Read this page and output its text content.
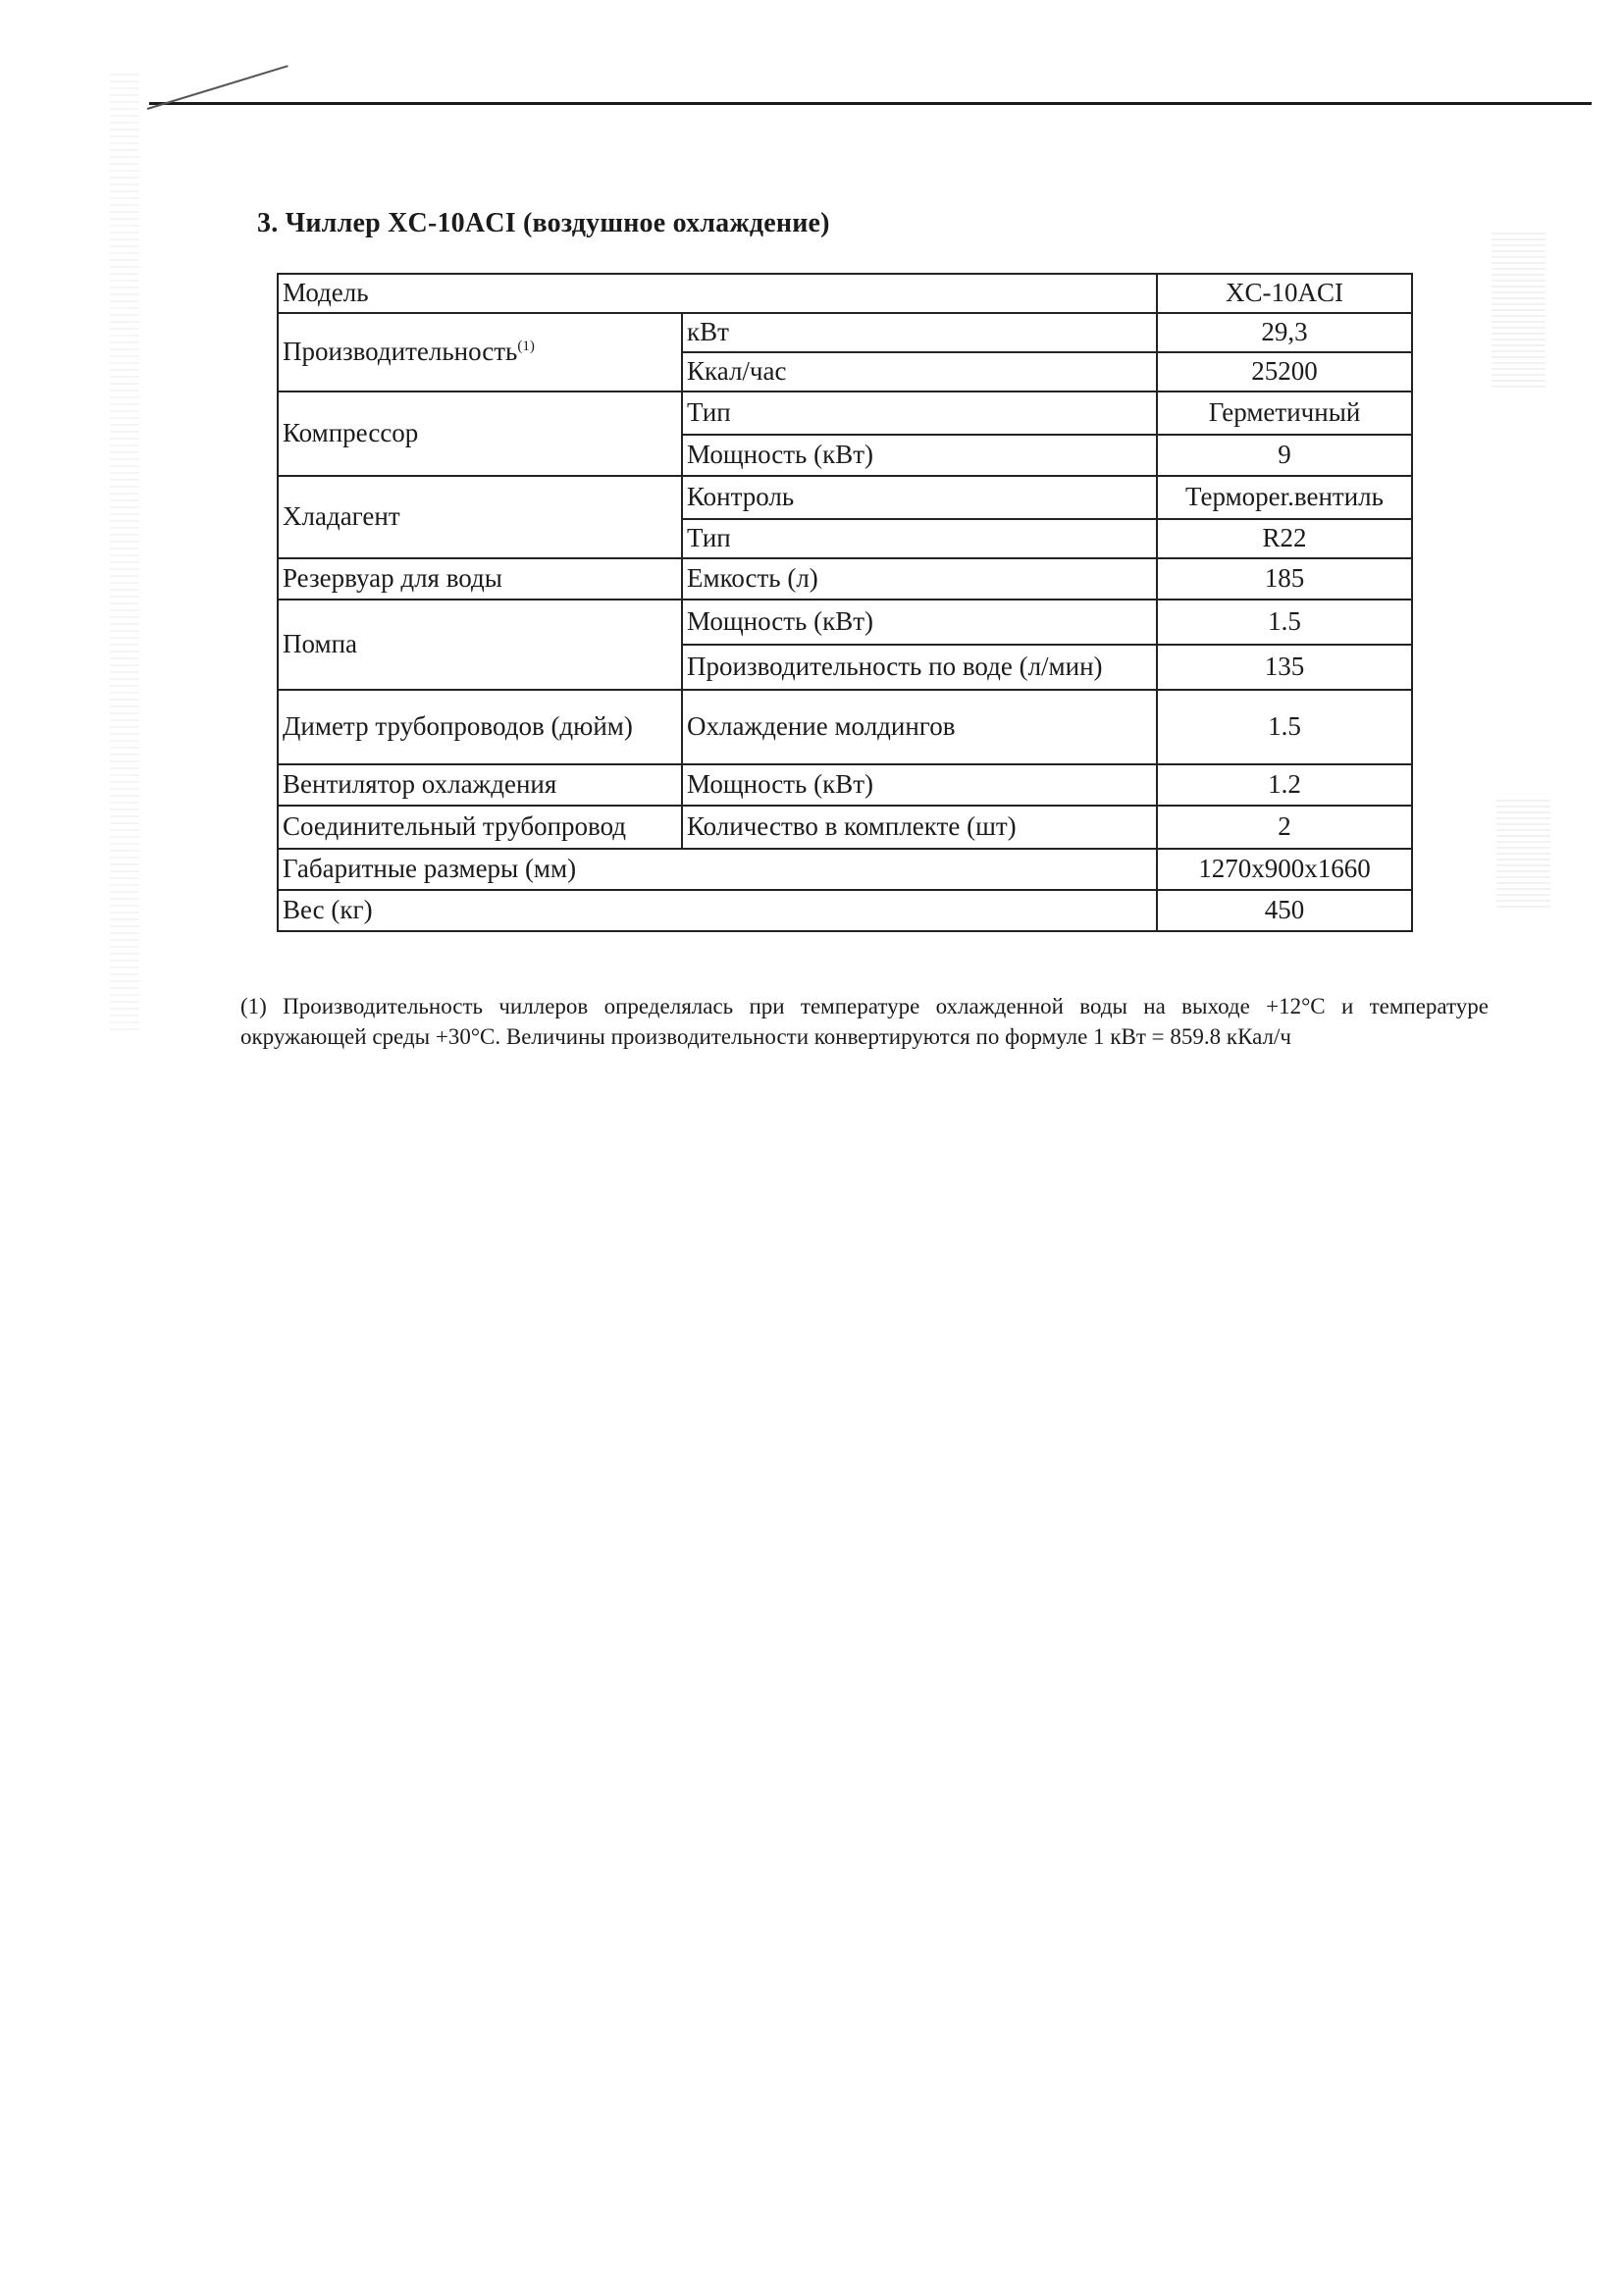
3. Чиллер XC-10ACI (воздушное охлаждение)
Модель		XC-10ACI
Производительность$^{(1)}$	кВт	29,3
	Ккал/час	25200
Компрессор	Тип	Герметичный
	Мощность (кВт)	9
Хладагент	Контроль	Термореr.вентиль
	Тип	R22
Резервуар для воды	Емкость (л)	185
Помпа	Мощность (кВт)	1.5
	Производительность по воде (л/мин)	135
Диметр трубопроводов (дюйм)	Охлаждение молдингов	1.5
Вентилятор охлаждения	Мощность (кВт)	1.2
Соединительный трубопровод	Количество в комплекте (шт)	2
Габаритные размеры (мм)		1270x900x1660
Вес (кг)		450
(1) Производительность чиллеров определялась при температуре охлажденной воды на выходе +12°С и температуре окружающей среды +30°С. Величины производительности конвертируются по формуле 1 кВт = 859.8 кКал/ч
